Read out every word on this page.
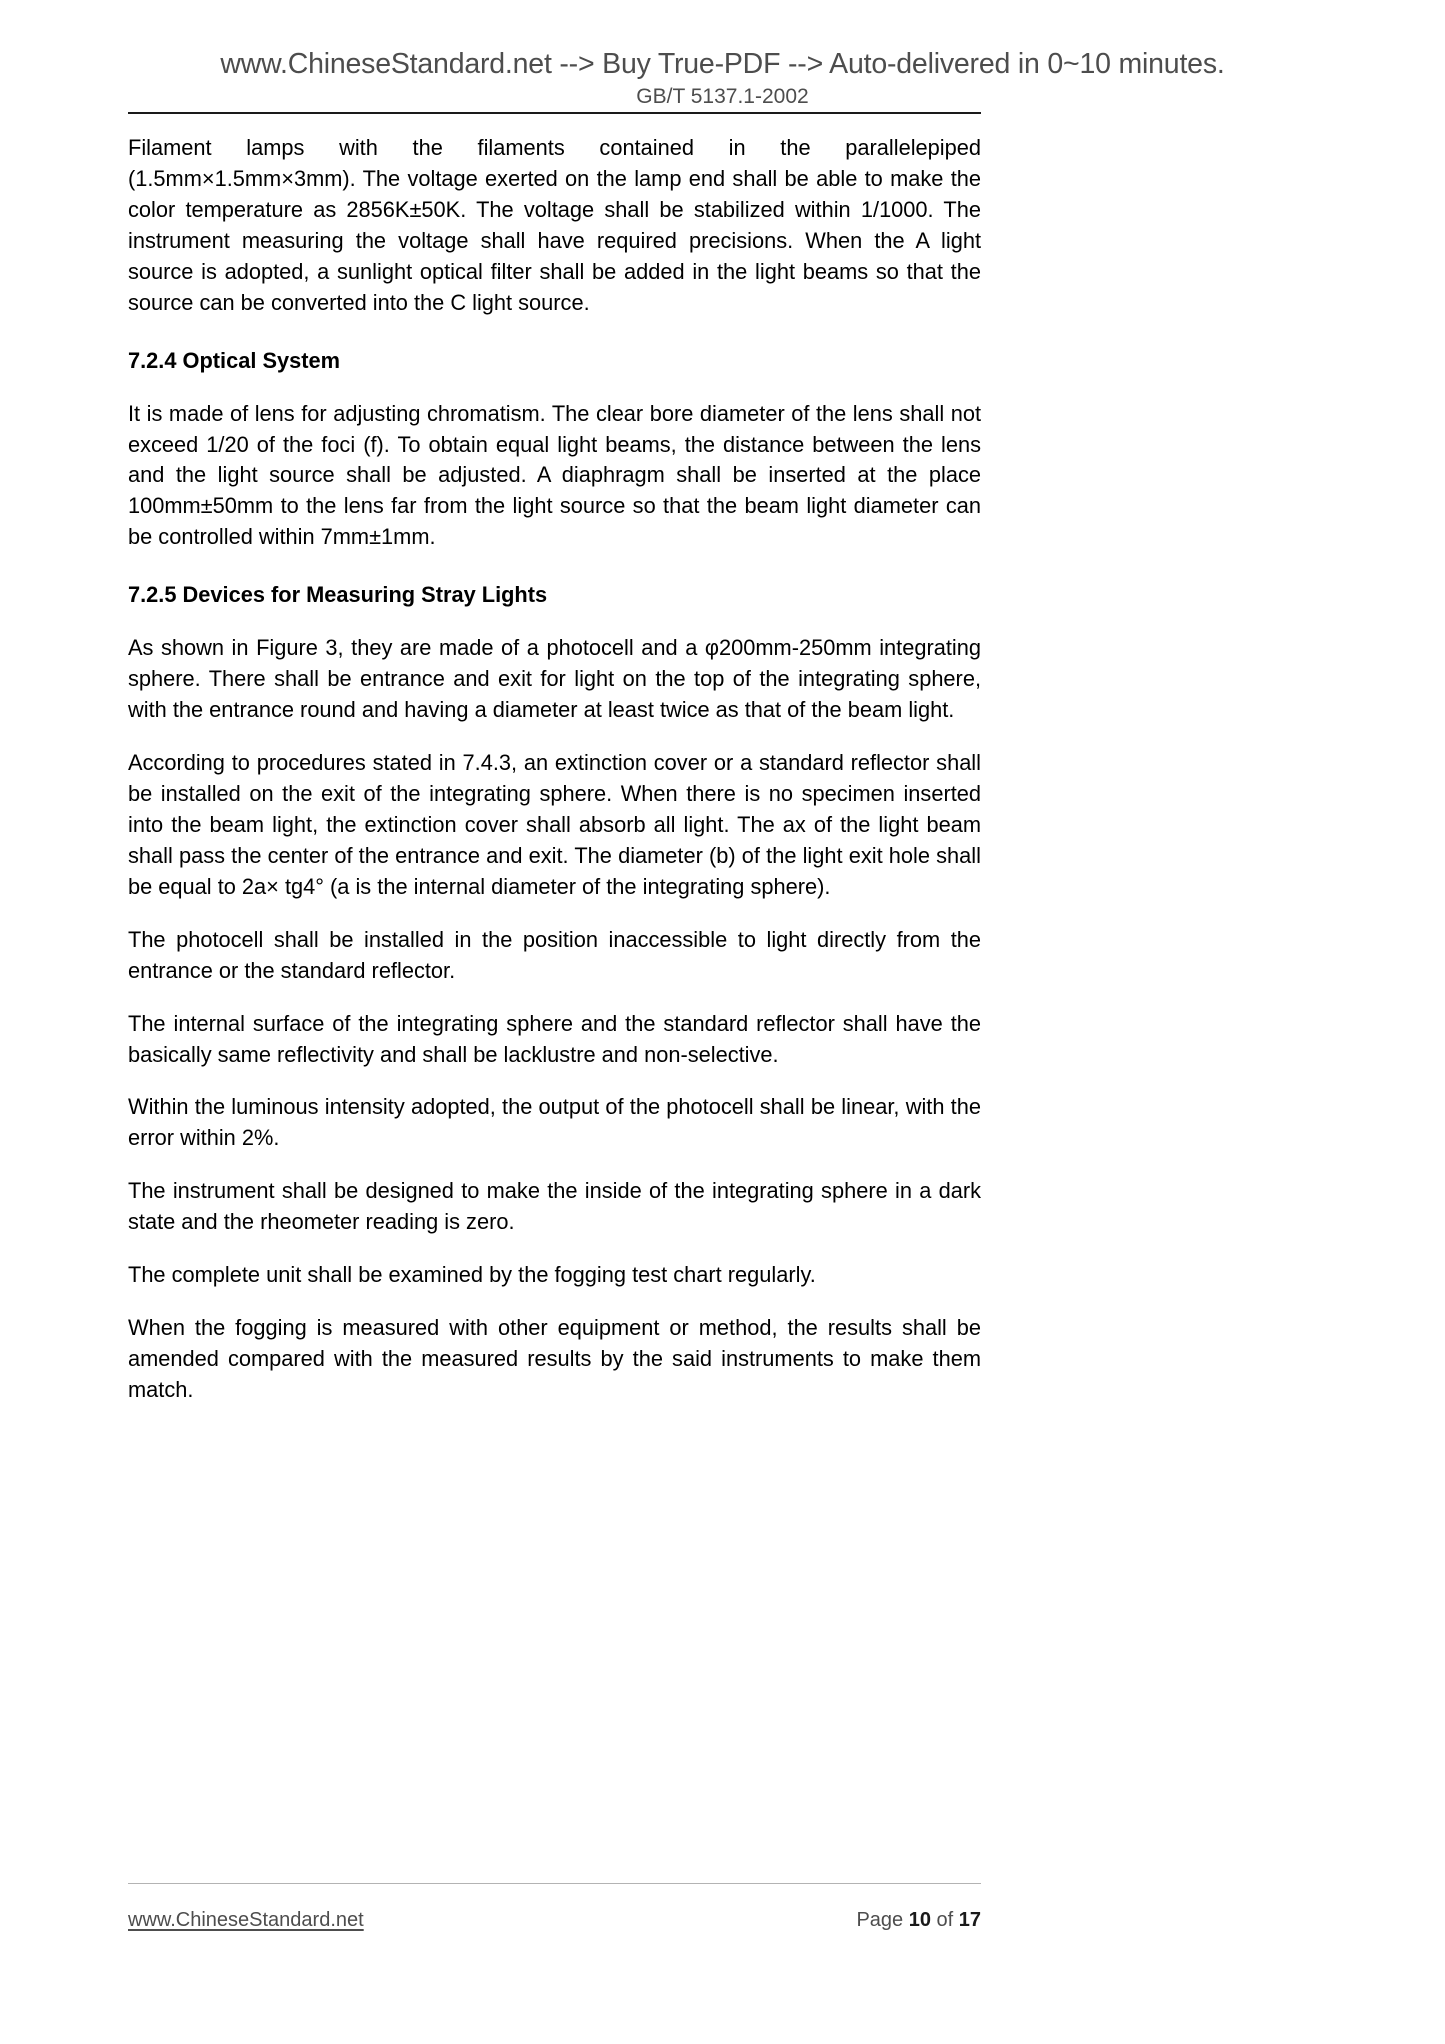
www.ChineseStandard.net --> Buy True-PDF --> Auto-delivered in 0~10 minutes.
GB/T 5137.1-2002

Filament lamps with the filaments contained in the parallelepiped (1.5mm×1.5mm×3mm). The voltage exerted on the lamp end shall be able to make the color temperature as 2856K±50K. The voltage shall be stabilized within 1/1000. The instrument measuring the voltage shall have required precisions. When the A light source is adopted, a sunlight optical filter shall be added in the light beams so that the source can be converted into the C light source.

7.2.4 Optical System

It is made of lens for adjusting chromatism. The clear bore diameter of the lens shall not exceed 1/20 of the foci (f). To obtain equal light beams, the distance between the lens and the light source shall be adjusted. A diaphragm shall be inserted at the place 100mm±50mm to the lens far from the light source so that the beam light diameter can be controlled within 7mm±1mm.

7.2.5 Devices for Measuring Stray Lights

As shown in Figure 3, they are made of a photocell and a φ200mm-250mm integrating sphere. There shall be entrance and exit for light on the top of the integrating sphere, with the entrance round and having a diameter at least twice as that of the beam light.

According to procedures stated in 7.4.3, an extinction cover or a standard reflector shall be installed on the exit of the integrating sphere. When there is no specimen inserted into the beam light, the extinction cover shall absorb all light. The ax of the light beam shall pass the center of the entrance and exit. The diameter (b) of the light exit hole shall be equal to 2a× tg4° (a is the internal diameter of the integrating sphere).

The photocell shall be installed in the position inaccessible to light directly from the entrance or the standard reflector.

The internal surface of the integrating sphere and the standard reflector shall have the basically same reflectivity and shall be lacklustre and non-selective.

Within the luminous intensity adopted, the output of the photocell shall be linear, with the error within 2%.

The instrument shall be designed to make the inside of the integrating sphere in a dark state and the rheometer reading is zero.

The complete unit shall be examined by the fogging test chart regularly.

When the fogging is measured with other equipment or method, the results shall be amended compared with the measured results by the said instruments to make them match.

www.ChineseStandard.net	Page 10 of 17
